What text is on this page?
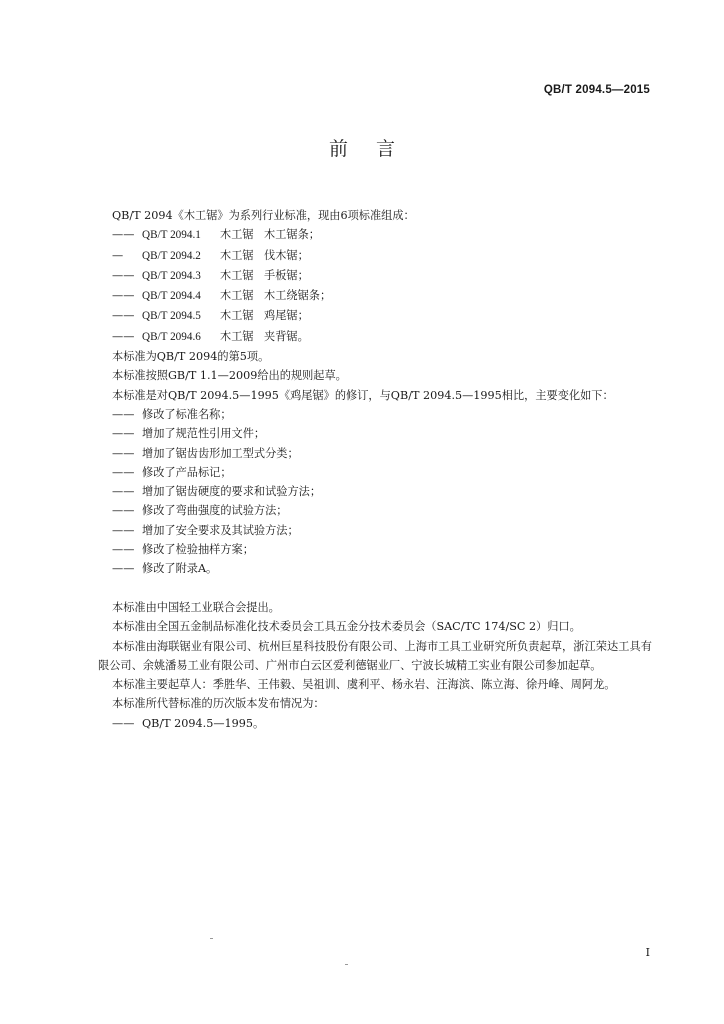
QB/T 2094.5—2015
前言
QB/T 2094《木工锯》为系列行业标准，现由6项标准组成：
—— QB/T 2094.1 木工锯 木工锯条；
— QB/T 2094.2 木工锯 伐木锯；
—— QB/T 2094.3 木工锯 手板锯；
—— QB/T 2094.4 木工锯 木工绕锯条；
—— QB/T 2094.5 木工锯 鸡尾锯；
—— QB/T 2094.6 木工锯 夹背锯。
本标准为QB/T 2094的第5项。
本标准按照GB/T 1.1—2009给出的规则起草。
本标准是对QB/T 2094.5—1995《鸡尾锯》的修订，与QB/T 2094.5—1995相比，主要变化如下：
—— 修改了标准名称；
—— 增加了规范性引用文件；
—— 增加了锯齿齿形加工型式分类；
—— 修改了产品标记；
—— 增加了锯齿硬度的要求和试验方法；
—— 修改了弯曲强度的试验方法；
—— 增加了安全要求及其试验方法；
—— 修改了检验抽样方案；
—— 修改了附录A。
本标准由中国轻工业联合会提出。
本标准由全国五金制品标准化技术委员会工具五金分技术委员会（SAC/TC 174/SC 2）归口。
本标准由海联锯业有限公司、杭州巨星科技股份有限公司、上海市工具工业研究所负责起草，浙江荣达工具有限公司、余姚潘易工业有限公司、广州市白云区爱利德锯业厂、宁波长城精工实业有限公司参加起草。
本标准主要起草人：季胜华、王伟毅、吴祖训、虞利平、杨永岩、汪海滨、陈立海、徐丹峰、周阿龙。
本标准所代替标准的历次版本发布情况为：
—— QB/T 2094.5—1995。
I
